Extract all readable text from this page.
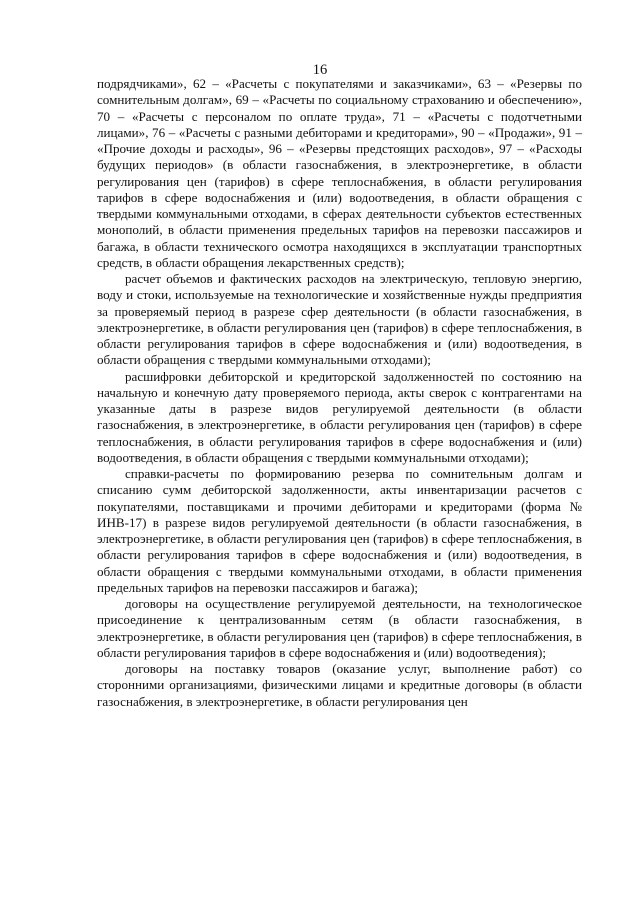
16

подрядчиками», 62 – «Расчеты с покупателями и заказчиками», 63 – «Резервы по сомнительным долгам», 69 – «Расчеты по социальному страхованию и обеспечению», 70 – «Расчеты с персоналом по оплате труда», 71 – «Расчеты с подотчетными лицами», 76 – «Расчеты с разными дебиторами и кредиторами», 90 – «Продажи», 91 – «Прочие доходы и расходы», 96 – «Резервы предстоящих расходов», 97 – «Расходы будущих периодов» (в области газоснабжения, в электроэнергетике, в области регулирования цен (тарифов) в сфере теплоснабжения, в области регулирования тарифов в сфере водоснабжения и (или) водоотведения, в области обращения с твердыми коммунальными отходами, в сферах деятельности субъектов естественных монополий, в области применения предельных тарифов на перевозки пассажиров и багажа, в области технического осмотра находящихся в эксплуатации транспортных средств, в области обращения лекарственных средств);

расчет объемов и фактических расходов на электрическую, тепловую энергию, воду и стоки, используемые на технологические и хозяйственные нужды предприятия за проверяемый период в разрезе сфер деятельности (в области газоснабжения, в электроэнергетике, в области регулирования цен (тарифов) в сфере теплоснабжения, в области регулирования тарифов в сфере водоснабжения и (или) водоотведения, в области обращения с твердыми коммунальными отходами);

расшифровки дебиторской и кредиторской задолженностей по состоянию на начальную и конечную дату проверяемого периода, акты сверок с контрагентами на указанные даты в разрезе видов регулируемой деятельности (в области газоснабжения, в электроэнергетике, в области регулирования цен (тарифов) в сфере теплоснабжения, в области регулирования тарифов в сфере водоснабжения и (или) водоотведения, в области обращения с твердыми коммунальными отходами);

справки-расчеты по формированию резерва по сомнительным долгам и списанию сумм дебиторской задолженности, акты инвентаризации расчетов с покупателями, поставщиками и прочими дебиторами и кредиторами (форма № ИНВ-17) в разрезе видов регулируемой деятельности (в области газоснабжения, в электроэнергетике, в области регулирования цен (тарифов) в сфере теплоснабжения, в области регулирования тарифов в сфере водоснабжения и (или) водоотведения, в области обращения с твердыми коммунальными отходами, в области применения предельных тарифов на перевозки пассажиров и багажа);

договоры на осуществление регулируемой деятельности, на технологическое присоединение к централизованным сетям (в области газоснабжения, в электроэнергетике, в области регулирования цен (тарифов) в сфере теплоснабжения, в области регулирования тарифов в сфере водоснабжения и (или) водоотведения);

договоры на поставку товаров (оказание услуг, выполнение работ) со сторонними организациями, физическими лицами и кредитные договоры (в области газоснабжения, в электроэнергетике, в области регулирования цен
